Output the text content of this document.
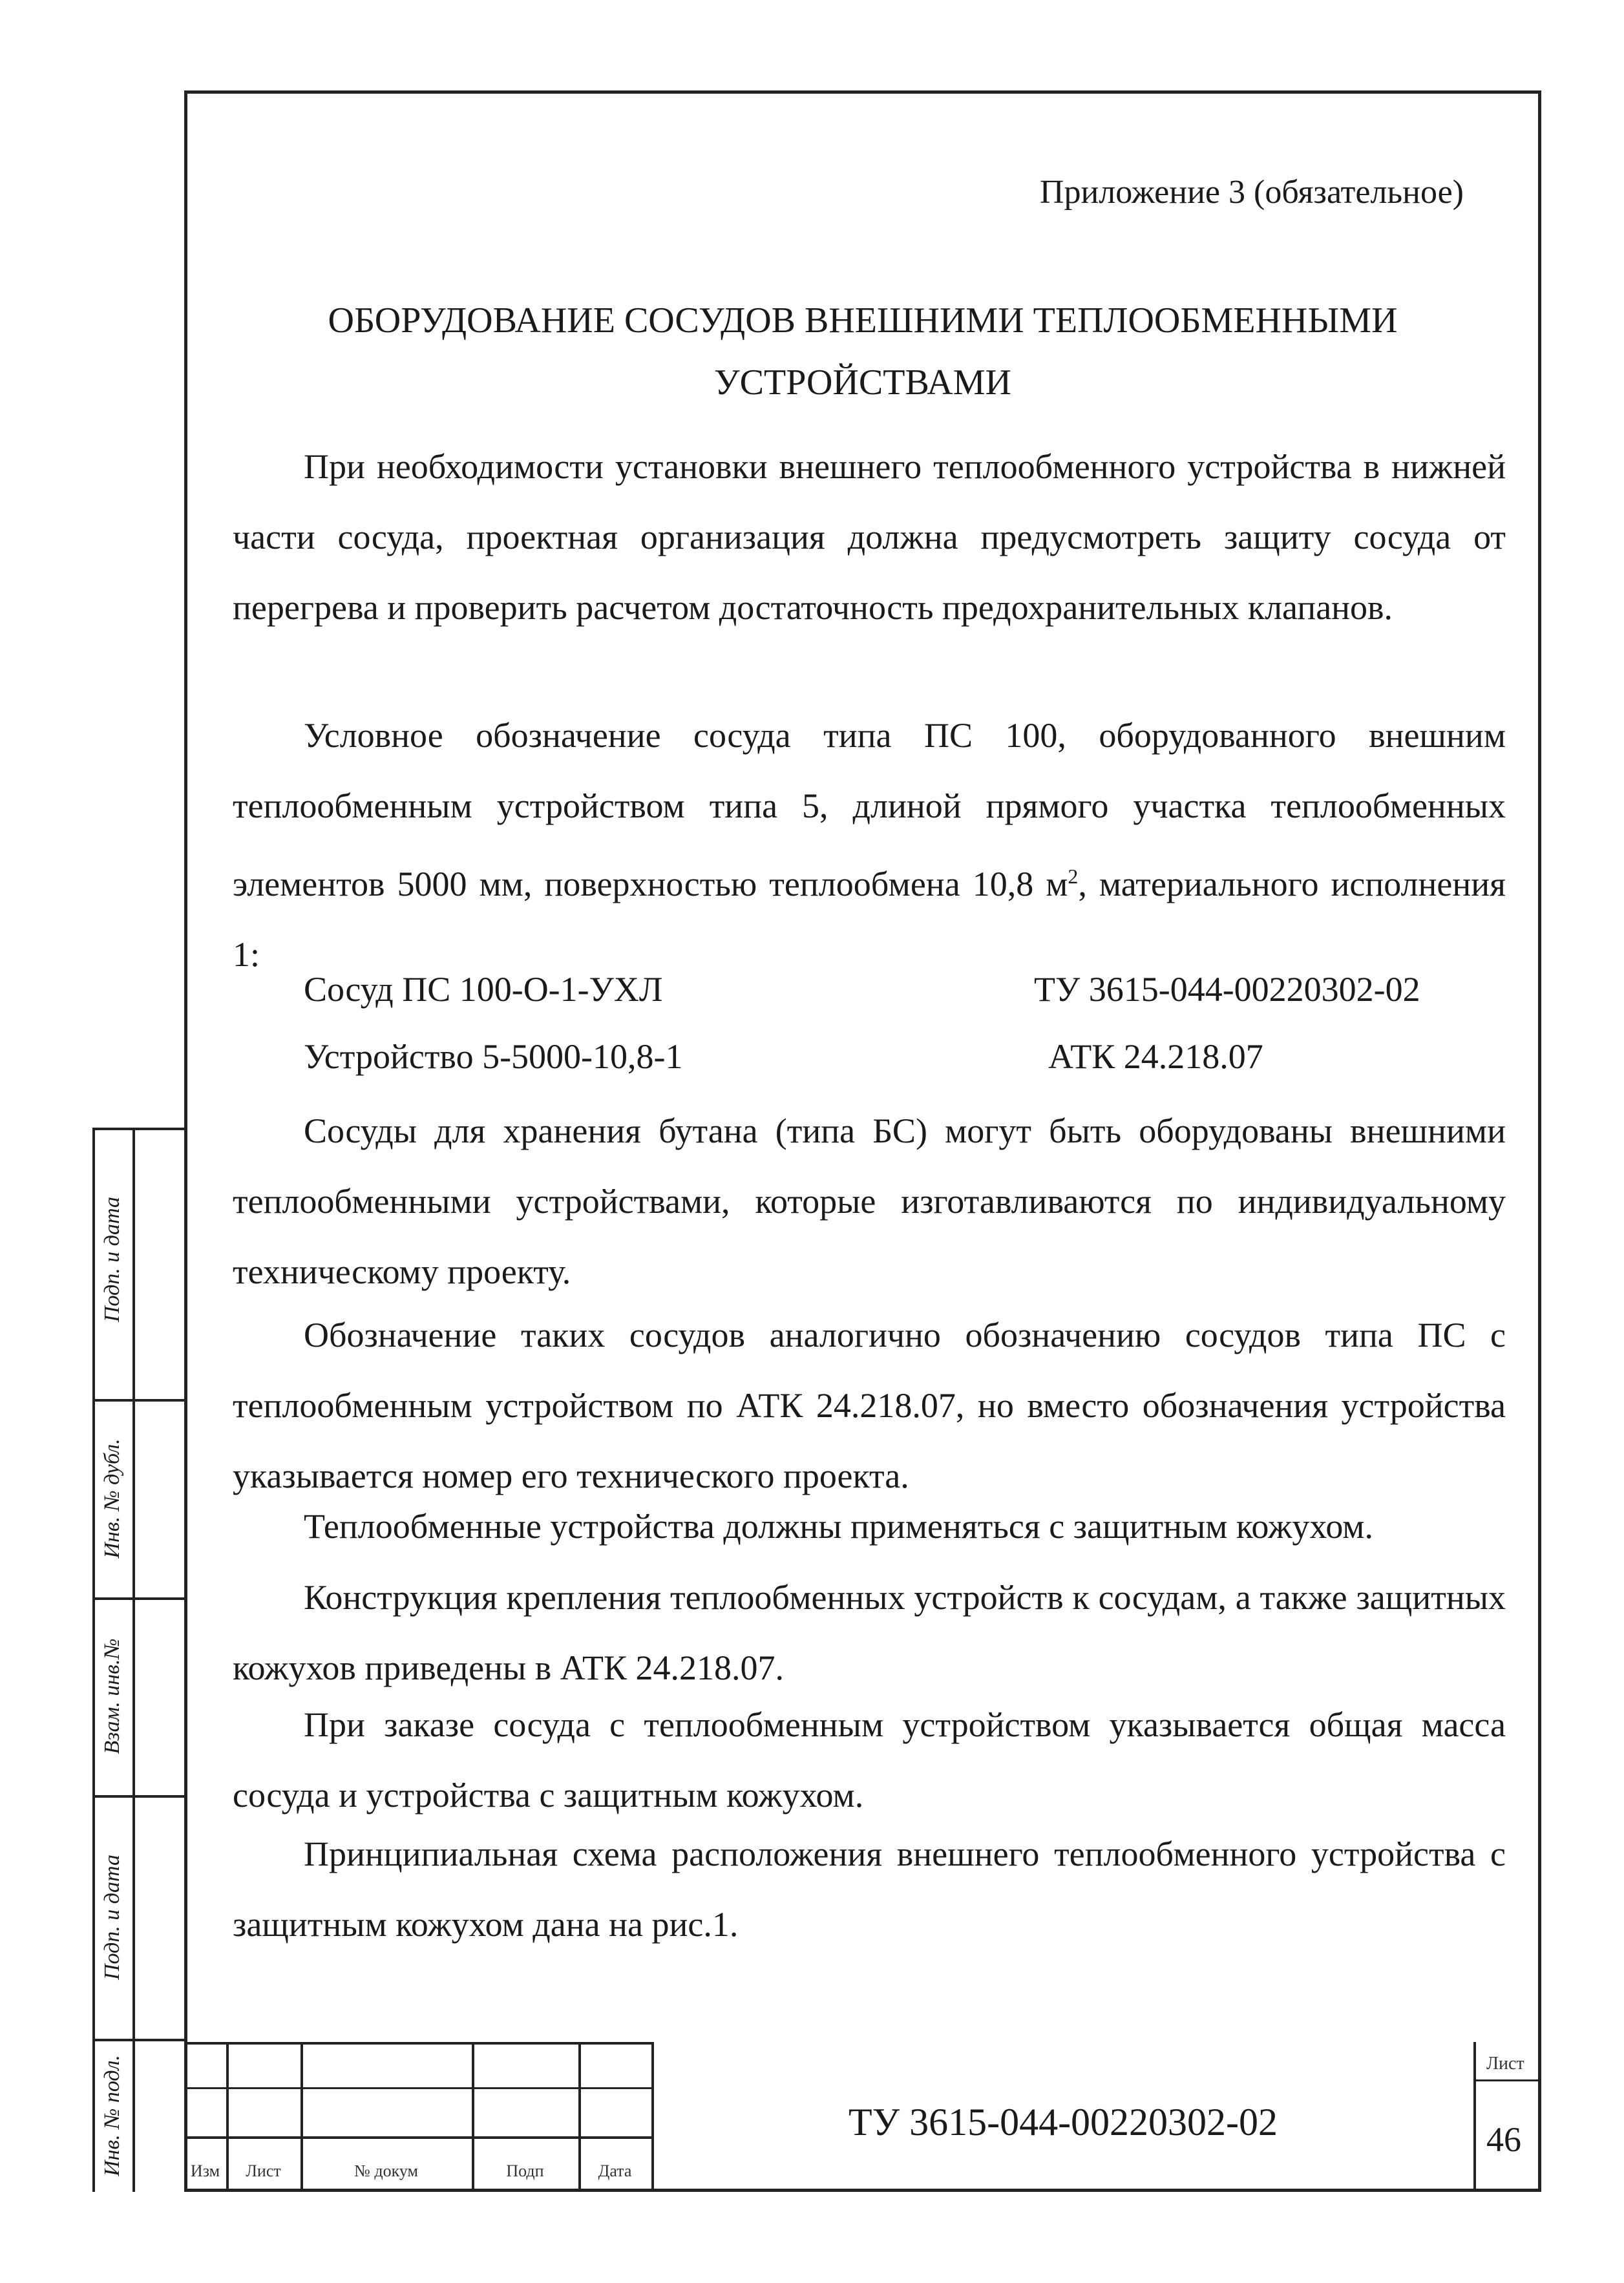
Приложение 3 (обязательное)
ОБОРУДОВАНИЕ СОСУДОВ ВНЕШНИМИ ТЕПЛООБМЕННЫМИ
УСТРОЙСТВАМИ

При необходимости установки внешнего теплообменного устройства в нижней части сосуда, проектная организация должна предусмотреть защиту сосуда от перегрева и проверить расчетом достаточность предохранительных клапанов.

Условное обозначение сосуда типа ПС 100, оборудованного внешним теплообменным устройством типа 5, длиной прямого участка теплообменных элементов 5000 мм, поверхностью теплообмена 10,8 $м^2$, материального исполнения 1:

Сосуд ПС 100-О-1-УХЛ	ТУ 3615-044-00220302-02
Устройство 5-5000-10,8-1	АТК 24.218.07

Сосуды для хранения бутана (типа БС) могут быть оборудованы внешними теплообменными устройствами, которые изготавливаются по индивидуальному техническому проекту.

Обозначение таких сосудов аналогично обозначению сосудов типа ПС с теплообменным устройством по АТК 24.218.07, но вместо обозначения устройства указывается номер его технического проекта.

Теплообменные устройства должны применяться с защитным кожухом.

Конструкция крепления теплообменных устройств к сосудам, а также защитных кожухов приведены в АТК 24.218.07.

При заказе сосуда с теплообменным устройством указывается общая масса сосуда и устройства с защитным кожухом.

Принципиальная схема расположения внешнего теплообменного устройства с защитным кожухом дана на рис.1.

Подп. и дата
Инв. № дубл.
Взам. инв.№
Подп. и дата
Инв. № подл.	Изм	Лист	№ докум	Подп	Дата
ТУ 3615-044-00220302-02
Лист
46
